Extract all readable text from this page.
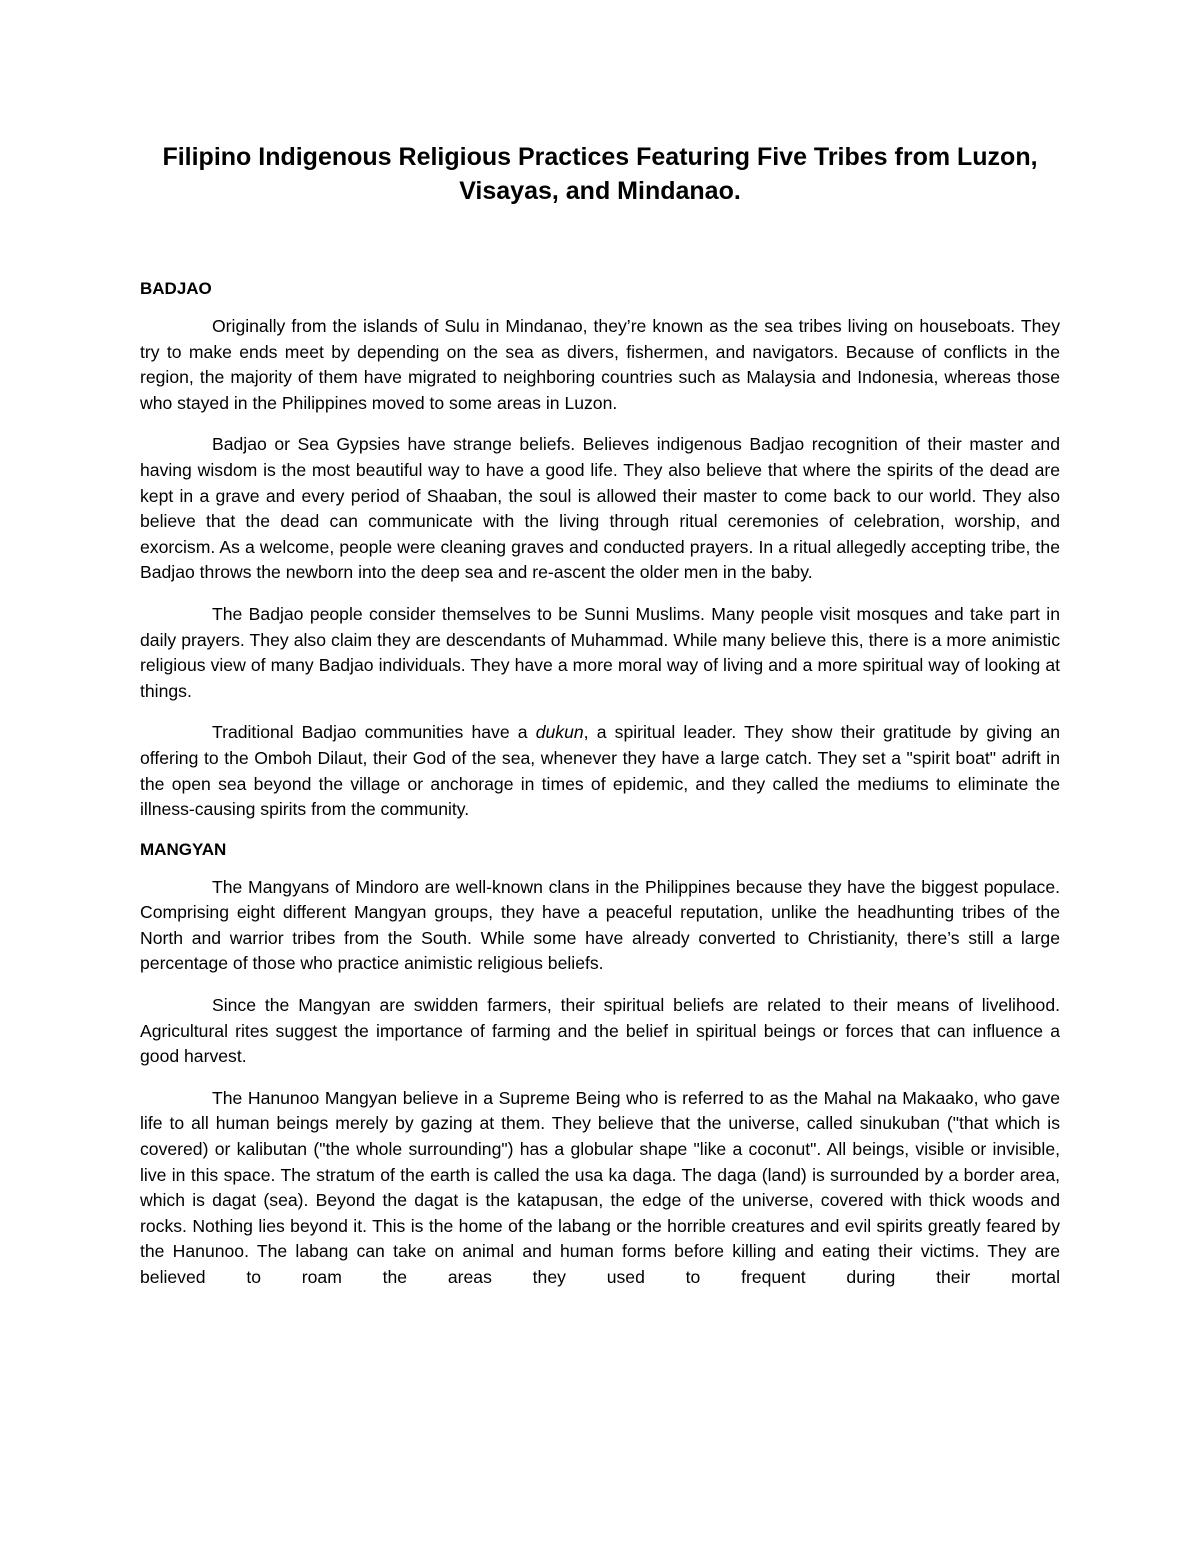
Filipino Indigenous Religious Practices Featuring Five Tribes from Luzon, Visayas, and Mindanao.
BADJAO

Originally from the islands of Sulu in Mindanao, they’re known as the sea tribes living on houseboats. They try to make ends meet by depending on the sea as divers, fishermen, and navigators. Because of conflicts in the region, the majority of them have migrated to neighboring countries such as Malaysia and Indonesia, whereas those who stayed in the Philippines moved to some areas in Luzon.

Badjao or Sea Gypsies have strange beliefs. Believes indigenous Badjao recognition of their master and having wisdom is the most beautiful way to have a good life. They also believe that where the spirits of the dead are kept in a grave and every period of Shaaban, the soul is allowed their master to come back to our world. They also believe that the dead can communicate with the living through ritual ceremonies of celebration, worship, and exorcism. As a welcome, people were cleaning graves and conducted prayers. In a ritual allegedly accepting tribe, the Badjao throws the newborn into the deep sea and re-ascent the older men in the baby.

The Badjao people consider themselves to be Sunni Muslims. Many people visit mosques and take part in daily prayers. They also claim they are descendants of Muhammad. While many believe this, there is a more animistic religious view of many Badjao individuals. They have a more moral way of living and a more spiritual way of looking at things.

Traditional Badjao communities have a dukun, a spiritual leader. They show their gratitude by giving an offering to the Omboh Dilaut, their God of the sea, whenever they have a large catch. They set a "spirit boat" adrift in the open sea beyond the village or anchorage in times of epidemic, and they called the mediums to eliminate the illness-causing spirits from the community.

MANGYAN

The Mangyans of Mindoro are well-known clans in the Philippines because they have the biggest populace. Comprising eight different Mangyan groups, they have a peaceful reputation, unlike the headhunting tribes of the North and warrior tribes from the South. While some have already converted to Christianity, there’s still a large percentage of those who practice animistic religious beliefs.

Since the Mangyan are swidden farmers, their spiritual beliefs are related to their means of livelihood. Agricultural rites suggest the importance of farming and the belief in spiritual beings or forces that can influence a good harvest.

The Hanunoo Mangyan believe in a Supreme Being who is referred to as the Mahal na Makaako, who gave life to all human beings merely by gazing at them. They believe that the universe, called sinukuban ("that which is covered) or kalibutan ("the whole surrounding") has a globular shape "like a coconut". All beings, visible or invisible, live in this space. The stratum of the earth is called the usa ka daga. The daga (land) is surrounded by a border area, which is dagat (sea). Beyond the dagat is the katapusan, the edge of the universe, covered with thick woods and rocks. Nothing lies beyond it. This is the home of the labang or the horrible creatures and evil spirits greatly feared by the Hanunoo. The labang can take on animal and human forms before killing and eating their victims. They are believed to roam the areas they used to frequent during their mortal
